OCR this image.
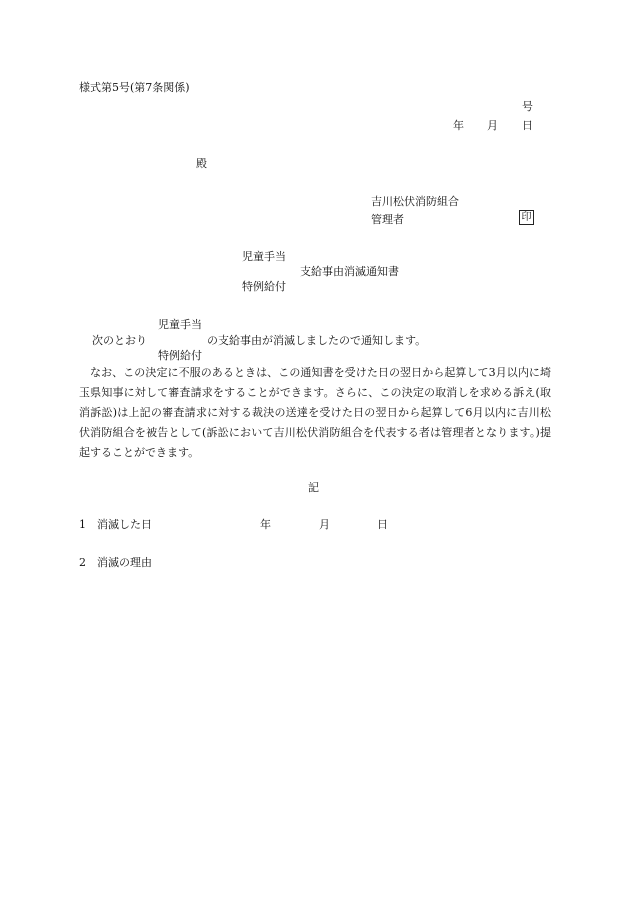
様式第5号(第7条関係)
号
年 月 日
殿
吉川松伏消防組合
管理者	印
児童手当
支給事由消滅通知書
特例給付
児童手当
次のとおり	の支給事由が消滅しましたので通知します。
特例給付
なお、この決定に不服のあるときは、この通知書を受けた日の翌日から起算して3月以内に埼玉県知事に対して審査請求をすることができます。さらに、この決定の取消しを求める訴え(取消訴訟)は上記の審査請求に対する裁決の送達を受けた日の翌日から起算して6月以内に吉川松伏消防組合を被告として(訴訟において吉川松伏消防組合を代表する者は管理者となります。)提起することができます。
記
1 消滅した日	年	月	日
2 消滅の理由
